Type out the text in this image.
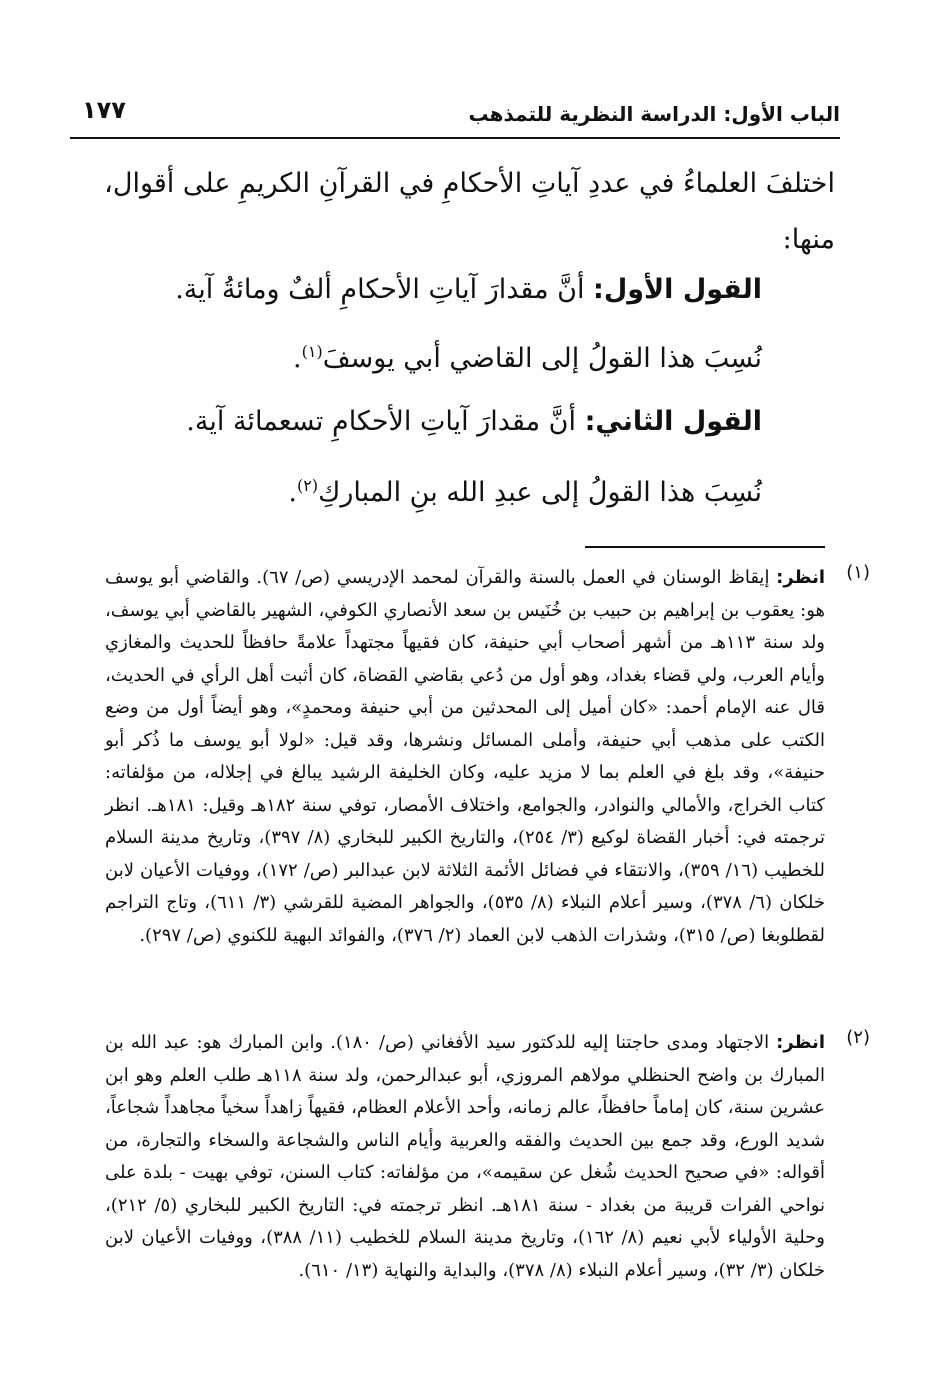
الباب الأول: الدراسة النظرية للتمذهب
١٧٧
اختلفَ العلماءُ في عددِ آياتِ الأحكامِ في القرآنِ الكريمِ على أقوال،
منها:
القول الأول: أنَّ مقدارَ آياتِ الأحكامِ ألفٌ ومائةُ آية.
نُسِبَ هذا القولُ إلى القاضي أبي يوسفَ$^{(١)}$.
القول الثاني: أنَّ مقدارَ آياتِ الأحكامِ تسعمائة آية.
نُسِبَ هذا القولُ إلى عبدِ الله بنِ المباركِ$^{(٢)}$.
(١)
انظر: إيقاظ الوسنان في العمل بالسنة والقرآن لمحمد الإدريسي (ص/ ٦٧). والقاضي أبو يوسف هو: يعقوب بن إبراهيم بن حبيب بن خُنَيس بن سعد الأنصاري الكوفي، الشهير بالقاضي أبي يوسف، ولد سنة ١١٣هـ من أشهر أصحاب أبي حنيفة، كان فقيهاً مجتهداً علامةً حافظاً للحديث والمغازي وأيام العرب، ولي قضاء بغداد، وهو أول من دُعي بقاضي القضاة، كان أثبت أهل الرأي في الحديث، قال عنه الإمام أحمد: «كان أميل إلى المحدثين من أبي حنيفة ومحمدٍ»، وهو أيضاً أول من وضع الكتب على مذهب أبي حنيفة، وأملى المسائل ونشرها، وقد قيل: «لولا أبو يوسف ما ذُكر أبو حنيفة»، وقد بلغ في العلم بما لا مزيد عليه، وكان الخليفة الرشيد يبالغ في إجلاله، من مؤلفاته: كتاب الخراج، والأمالي والنوادر، والجوامع، واختلاف الأمصار، توفي سنة ١٨٢هـ وقيل: ١٨١هـ. انظر ترجمته في: أخبار القضاة لوكيع (٣/ ٢٥٤)، والتاريخ الكبير للبخاري (٨/ ٣٩٧)، وتاريخ مدينة السلام للخطيب (١٦/ ٣٥٩)، والانتقاء في فضائل الأئمة الثلاثة لابن عبدالبر (ص/ ١٧٢)، ووفيات الأعيان لابن خلكان (٦/ ٣٧٨)، وسير أعلام النبلاء (٨/ ٥٣٥)، والجواهر المضية للقرشي (٣/ ٦١١)، وتاج التراجم لقطلوبغا (ص/ ٣١٥)، وشذرات الذهب لابن العماد (٢/ ٣٧٦)، والفوائد البهية للكنوي (ص/ ٢٩٧).
(٢)
انظر: الاجتهاد ومدى حاجتنا إليه للدكتور سيد الأفغاني (ص/ ١٨٠). وابن المبارك هو: عبد الله بن المبارك بن واضح الحنظلي مولاهم المروزي، أبو عبدالرحمن، ولد سنة ١١٨هـ طلب العلم وهو ابن عشرين سنة، كان إماماً حافظاً، عالم زمانه، وأحد الأعلام العظام، فقيهاً زاهداً سخياً مجاهداً شجاعاً، شديد الورع، وقد جمع بين الحديث والفقه والعربية وأيام الناس والشجاعة والسخاء والتجارة، من أقواله: «في صحيح الحديث شُغل عن سقيمه»، من مؤلفاته: كتاب السنن، توفي بهيت - بلدة على نواحي الفرات قريبة من بغداد - سنة ١٨١هـ. انظر ترجمته في: التاريخ الكبير للبخاري (٥/ ٢١٢)، وحلية الأولياء لأبي نعيم (٨/ ١٦٢)، وتاريخ مدينة السلام للخطيب (١١/ ٣٨٨)، ووفيات الأعيان لابن خلكان (٣/ ٣٢)، وسير أعلام النبلاء (٨/ ٣٧٨)، والبداية والنهاية (١٣/ ٦١٠).
